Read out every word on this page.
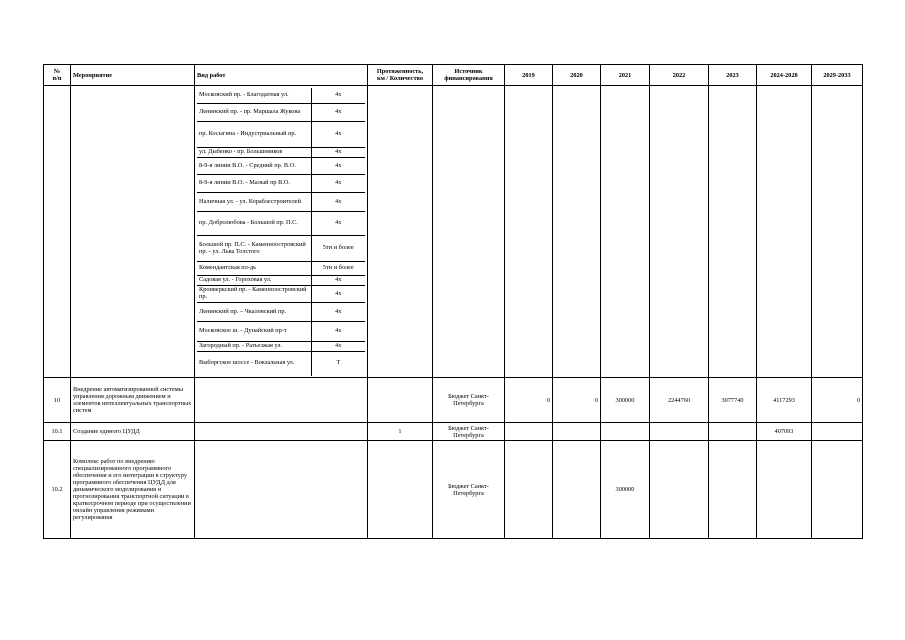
№
п/п	Мероприятие	Вид работ	Протяженность,
км / Количество	Источник
финансирования	2019	2020	2021	2022	2023	2024-2028	2029-2033

Московский пр. - Благодатная ул.	4х
Ленинский пр. - пр. Маршала Жукова	4х
пр. Косыгина - Индустриальный пр.	4х
ул. Дыбенко - пр. Большевиков	4х
8-9-я линии В.О. - Средний пр. В.О.	4х
8-9-я линии В.О. - Малый пр В.О.	4х
Наличная ул. - ул. Кораблестроителей	4х
пр. Добролюбова - Большой пр. П.С.	4х
Большой пр. П.С. - Каменноостровский пр. - ул. Льва Толстого	5ти и более
Комендантская пл-дь	5ти и более
Садовая ул. - Гороховая ул.	4х
Кронверкский пр. - Каменноостровский пр.	4х
Ленинский пр. – Чкаловский пр.	4х
Московское ш. - Дунайский пр-т	4х
Загородный пр. - Разъезжая ул.	4х
Выборгское шоссе - Вокзальная ул.	Т

10	Внедрение автоматизированной системы управления дорожным движением и элементов интеллектуальных транспортных систем			Бюджет Санкт-Петербурга	0	0	300000	2244760	3077740	4117293	0
10.1	Создание единого ЦУДД		1	Бюджет Санкт-Петербурга						407093	
10.2	Комплекс работ по внедрению специализированного программного обеспечения и его интеграции в структуру программного обеспечения ЦУДД для динамического моделирования и прогнозирования транспортной ситуации в краткосрочном периоде при осуществлении онлайн управления режимами регулирования			Бюджет Санкт-Петербурга			300000				
